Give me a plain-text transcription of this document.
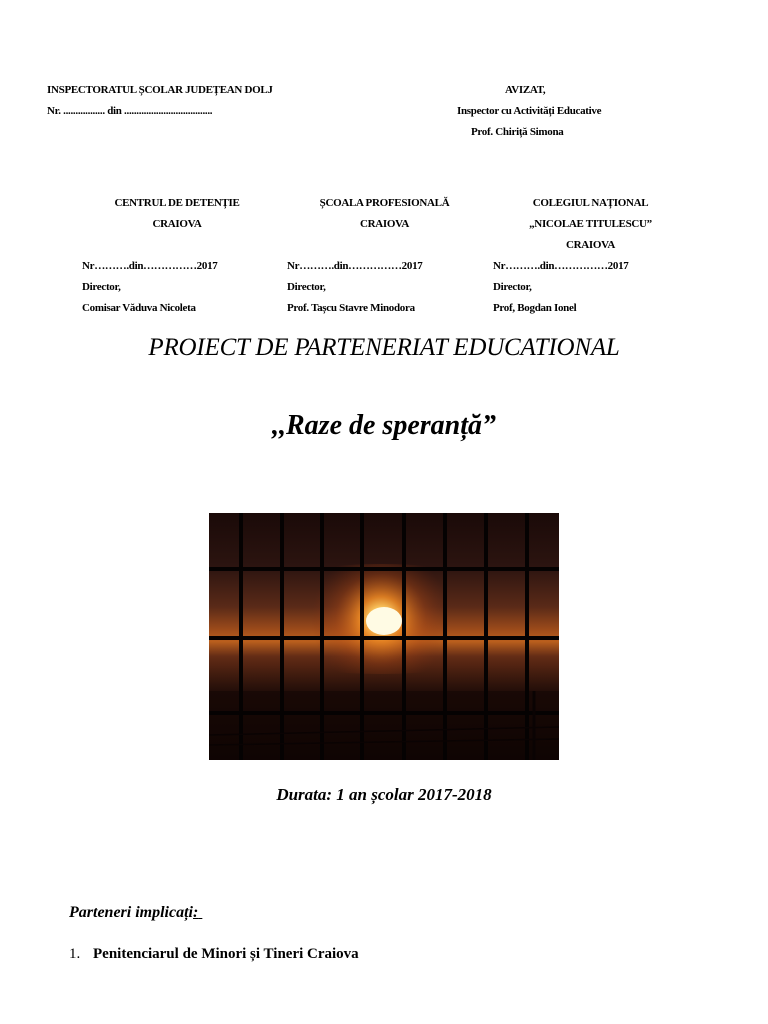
INSPECTORATUL ȘCOLAR JUDEȚEAN DOLJ
Nr. ................. din ....................................
AVIZAT,
Inspector cu Activități Educative
Prof. Chiriță Simona
CENTRUL DE DETENȚIE
CRAIOVA
Nr……….din……………2017
Director,
Comisar Văduva Nicoleta
ȘCOALA PROFESIONALĂ
CRAIOVA
Nr……….din……………2017
Director,
Prof. Tașcu Stavre Minodora
COLEGIUL NAȚIONAL
„NICOLAE TITULESCU”
CRAIOVA
Nr……….din……………2017
Director,
Prof, Bogdan Ionel
PROIECT DE PARTENERIAT EDUCATIONAL
,,Raze de speranță”
Durata: 1 an școlar 2017-2018
Parteneri implicați:
1. Penitenciarul de Minori și Tineri Craiova
